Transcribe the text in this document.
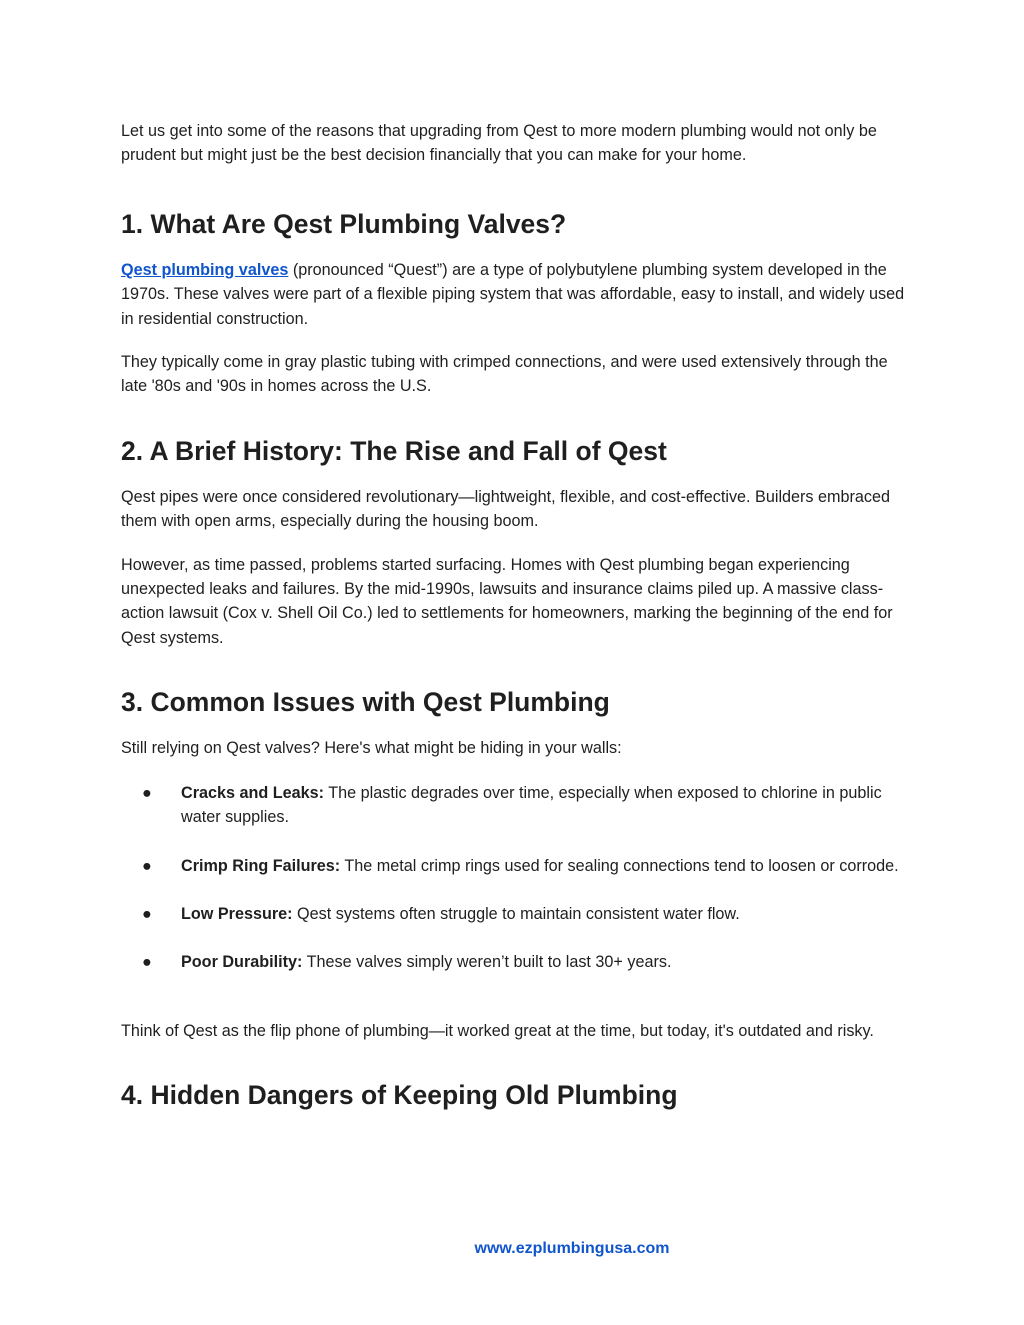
Let us get into some of the reasons that upgrading from Qest to more modern plumbing would not only be prudent but might just be the best decision financially that you can make for your home.

1. What Are Qest Plumbing Valves?

Qest plumbing valves (pronounced “Quest”) are a type of polybutylene plumbing system developed in the 1970s. These valves were part of a flexible piping system that was affordable, easy to install, and widely used in residential construction.

They typically come in gray plastic tubing with crimped connections, and were used extensively through the late '80s and '90s in homes across the U.S.

2. A Brief History: The Rise and Fall of Qest

Qest pipes were once considered revolutionary—lightweight, flexible, and cost-effective. Builders embraced them with open arms, especially during the housing boom.

However, as time passed, problems started surfacing. Homes with Qest plumbing began experiencing unexpected leaks and failures. By the mid-1990s, lawsuits and insurance claims piled up. A massive class-action lawsuit (Cox v. Shell Oil Co.) led to settlements for homeowners, marking the beginning of the end for Qest systems.

3. Common Issues with Qest Plumbing

Still relying on Qest valves? Here's what might be hiding in your walls:

● Cracks and Leaks: The plastic degrades over time, especially when exposed to chlorine in public water supplies.
● Crimp Ring Failures: The metal crimp rings used for sealing connections tend to loosen or corrode.
● Low Pressure: Qest systems often struggle to maintain consistent water flow.
● Poor Durability: These valves simply weren’t built to last 30+ years.

Think of Qest as the flip phone of plumbing—it worked great at the time, but today, it's outdated and risky.

4. Hidden Dangers of Keeping Old Plumbing
www.ezplumbingusa.com
